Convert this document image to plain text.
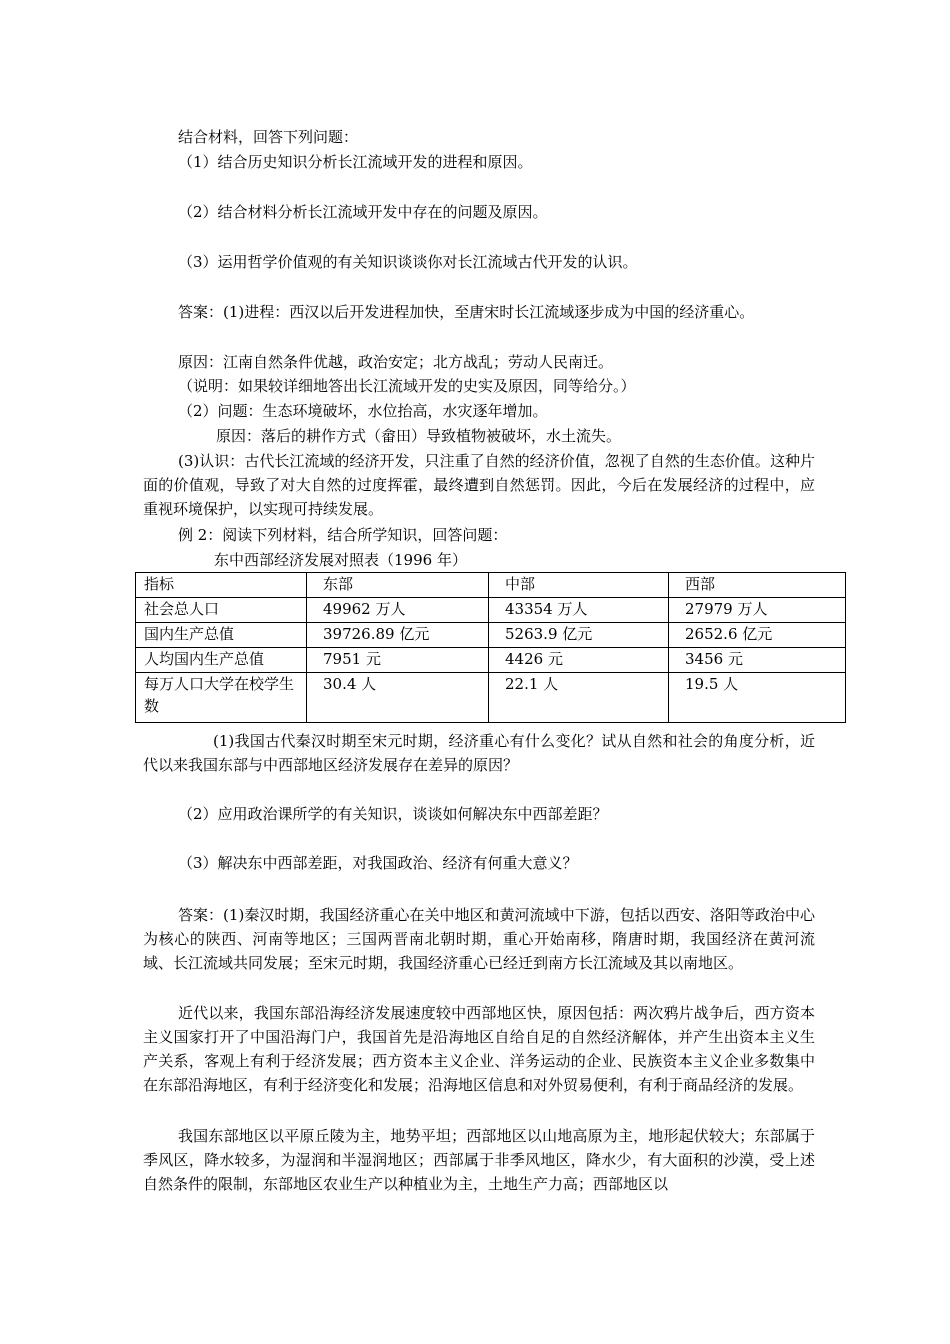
结合材料，回答下列问题：
（1）结合历史知识分析长江流域开发的进程和原因。
（2）结合材料分析长江流域开发中存在的问题及原因。
（3）运用哲学价值观的有关知识谈谈你对长江流域古代开发的认识。
答案：(1)进程：西汉以后开发进程加快，至唐宋时长江流域逐步成为中国的经济重心。
原因：江南自然条件优越，政治安定；北方战乱；劳动人民南迁。
（说明：如果较详细地答出长江流域开发的史实及原因，同等给分。）
（2）问题：生态环境破坏，水位抬高，水灾逐年增加。
原因：落后的耕作方式（畲田）导致植物被破坏，水土流失。
(3)认识：古代长江流域的经济开发，只注重了自然的经济价值，忽视了自然的生态价值。这种片面的价值观，导致了对大自然的过度挥霍，最终遭到自然惩罚。因此，今后在发展经济的过程中，应重视环境保护，以实现可持续发展。
例 2：阅读下列材料，结合所学知识，回答问题：
东中西部经济发展对照表（1996 年）
指标	东部	中部	西部
社会总人口	49962 万人	43354 万人	27979 万人
国内生产总值	39726.89 亿元	5263.9 亿元	2652.6 亿元
人均国内生产总值	7951 元	4426 元	3456 元
每万人口大学在校学生数	30.4 人	22.1 人	19.5 人
(1)我国古代秦汉时期至宋元时期，经济重心有什么变化？试从自然和社会的角度分析，近代以来我国东部与中西部地区经济发展存在差异的原因？
（2）应用政治课所学的有关知识，谈谈如何解决东中西部差距？
（3）解决东中西部差距，对我国政治、经济有何重大意义？
答案：(1)秦汉时期，我国经济重心在关中地区和黄河流域中下游，包括以西安、洛阳等政治中心为核心的陕西、河南等地区；三国两晋南北朝时期，重心开始南移，隋唐时期，我国经济在黄河流域、长江流域共同发展；至宋元时期，我国经济重心已经迁到南方长江流域及其以南地区。
近代以来，我国东部沿海经济发展速度较中西部地区快，原因包括：两次鸦片战争后，西方资本主义国家打开了中国沿海门户，我国首先是沿海地区自给自足的自然经济解体，并产生出资本主义生产关系，客观上有利于经济发展；西方资本主义企业、洋务运动的企业、民族资本主义企业多数集中在东部沿海地区，有利于经济变化和发展；沿海地区信息和对外贸易便利，有利于商品经济的发展。
我国东部地区以平原丘陵为主，地势平坦；西部地区以山地高原为主，地形起伏较大；东部属于季风区，降水较多，为湿润和半湿润地区；西部属于非季风地区，降水少，有大面积的沙漠，受上述自然条件的限制，东部地区农业生产以种植业为主，土地生产力高；西部地区以
